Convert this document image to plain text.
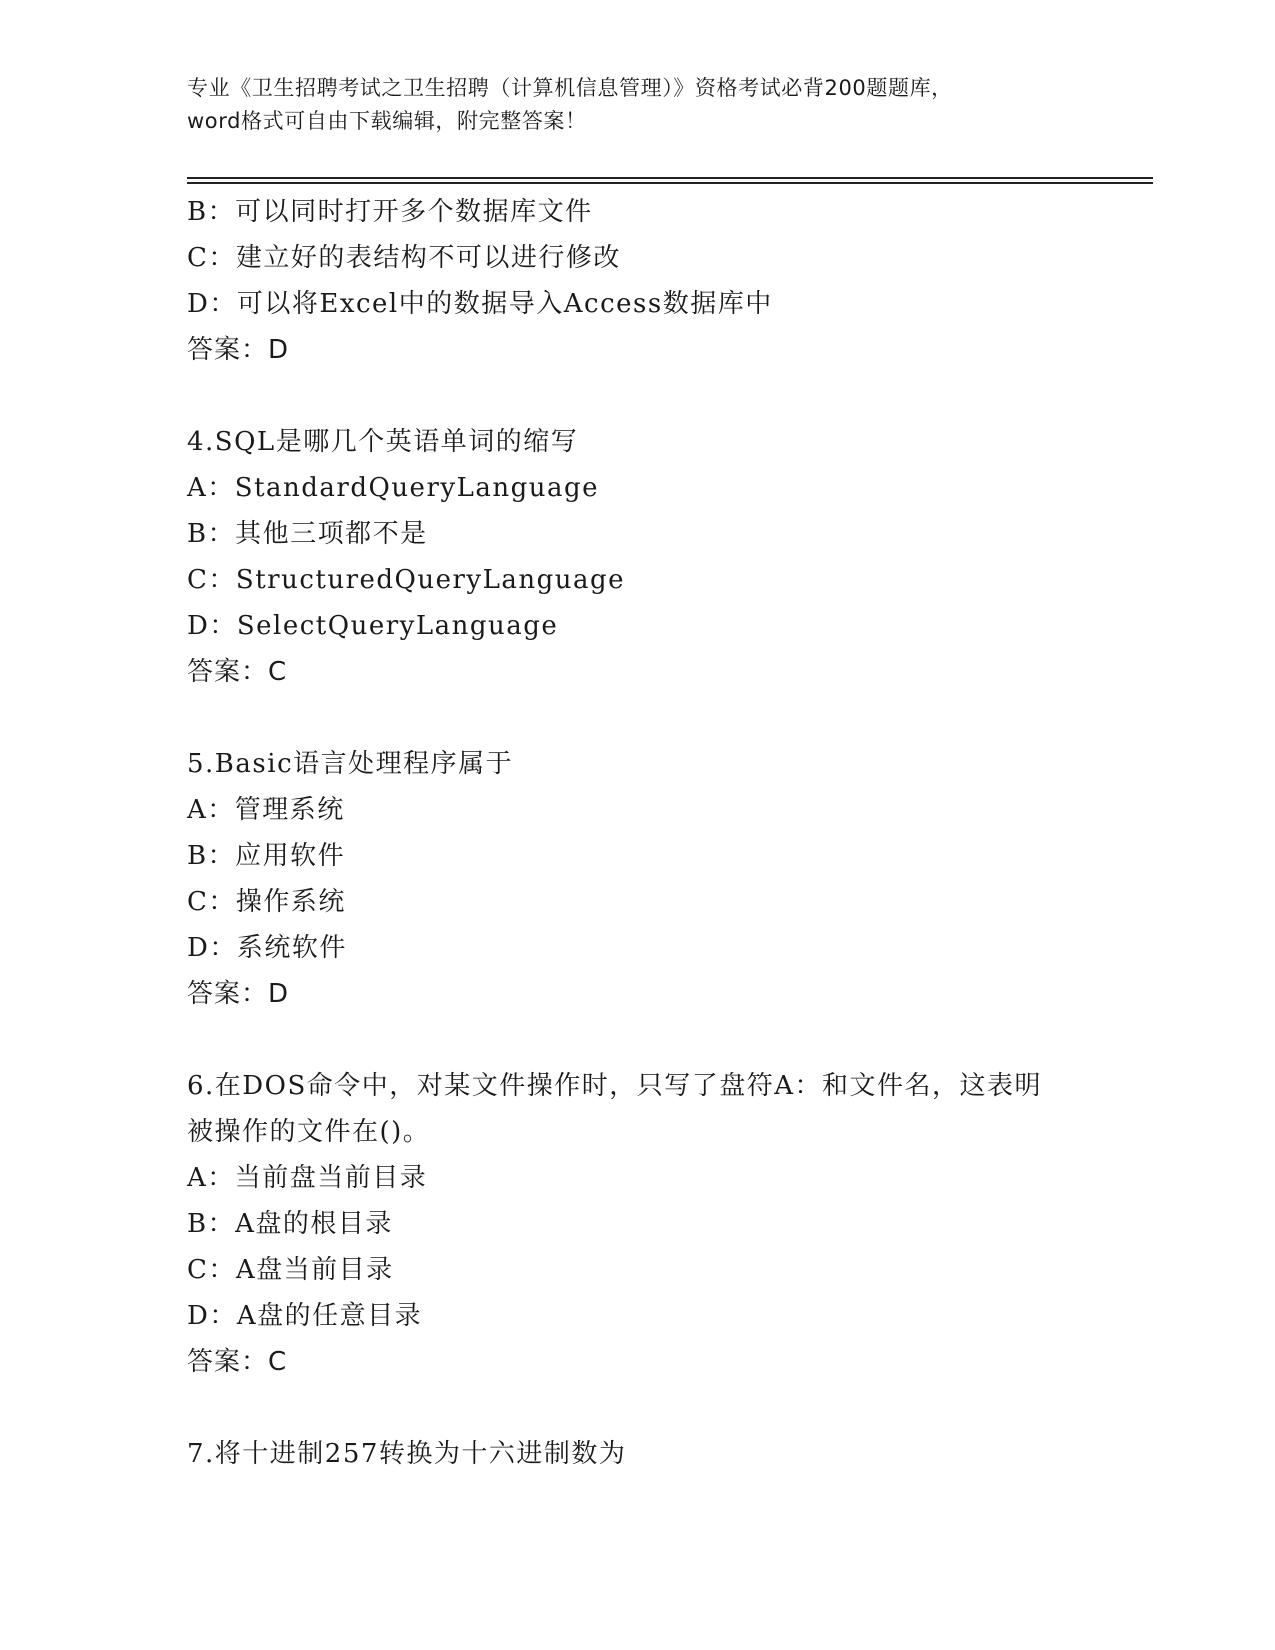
专业《卫生招聘考试之卫生招聘（计算机信息管理）》资格考试必背200题题库，
word格式可自由下载编辑，附完整答案！
B：可以同时打开多个数据库文件
C：建立好的表结构不可以进行修改
D：可以将Excel中的数据导入Access数据库中
答案：D
4.SQL是哪几个英语单词的缩写
A：StandardQueryLanguage
B：其他三项都不是
C：StructuredQueryLanguage
D：SelectQueryLanguage
答案：C
5.Basic语言处理程序属于
A：管理系统
B：应用软件
C：操作系统
D：系统软件
答案：D
6.在DOS命令中，对某文件操作时，只写了盘符A：和文件名，这表明
被操作的文件在()。
A：当前盘当前目录
B：A盘的根目录
C：A盘当前目录
D：A盘的任意目录
答案：C
7.将十进制257转换为十六进制数为
